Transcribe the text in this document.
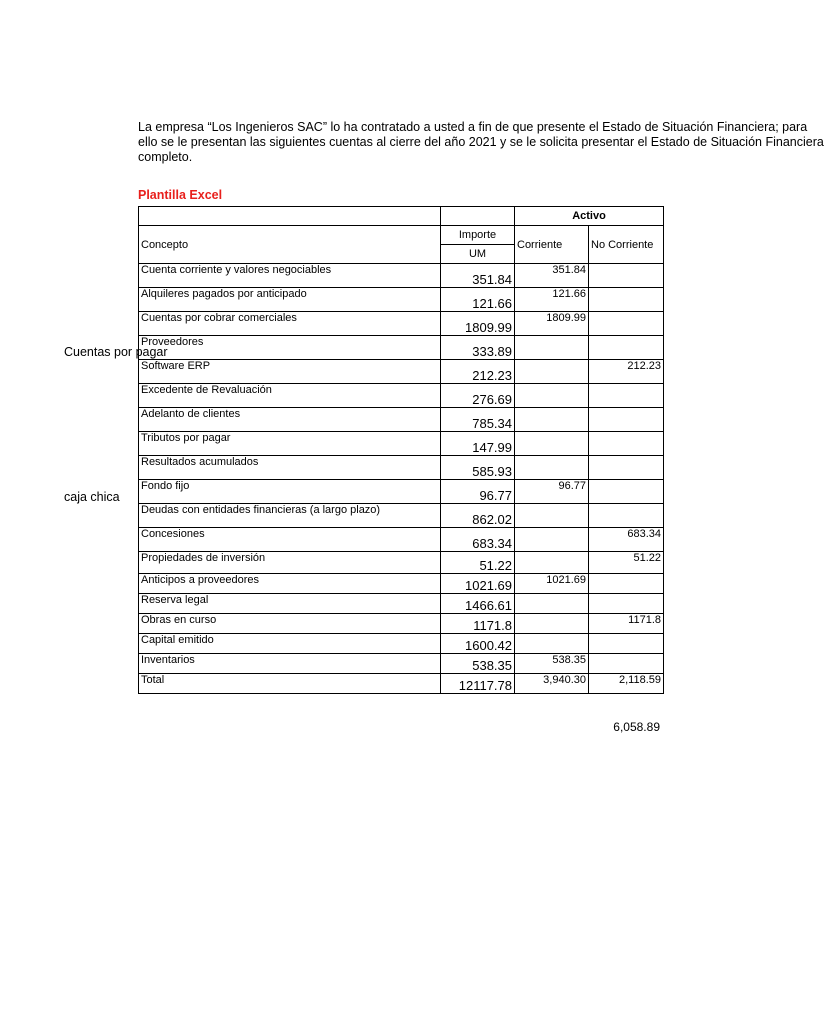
La empresa “Los Ingenieros SAC” lo ha contratado a usted a fin de que presente el Estado de Situación Financiera; para
ello se le presentan las siguientes cuentas al cierre del año 2021 y se le solicita presentar el Estado de Situación Financiera
completo.
Plantilla Excel
Cuentas por pagar
caja chica
		Activo	
Concepto	Importe	Corriente	No Corriente
	UM		
Cuenta corriente y valores negociables	351.84	351.84	
Alquileres pagados por anticipado	121.66	121.66	
Cuentas por cobrar comerciales	1809.99	1809.99	
Proveedores	333.89		
Software ERP	212.23		212.23
Excedente de Revaluación	276.69		
Adelanto de clientes	785.34		
Tributos por pagar	147.99		
Resultados acumulados	585.93		
Fondo fijo	96.77	96.77	
Deudas con entidades financieras (a largo plazo)	862.02		
Concesiones	683.34		683.34
Propiedades de inversión	51.22		51.22
Anticipos a proveedores	1021.69	1021.69	
Reserva legal	1466.61		
Obras en curso	1171.8		1171.8
Capital emitido	1600.42		
Inventarios	538.35	538.35	
Total	12117.78	3,940.30	2,118.59
6,058.89
